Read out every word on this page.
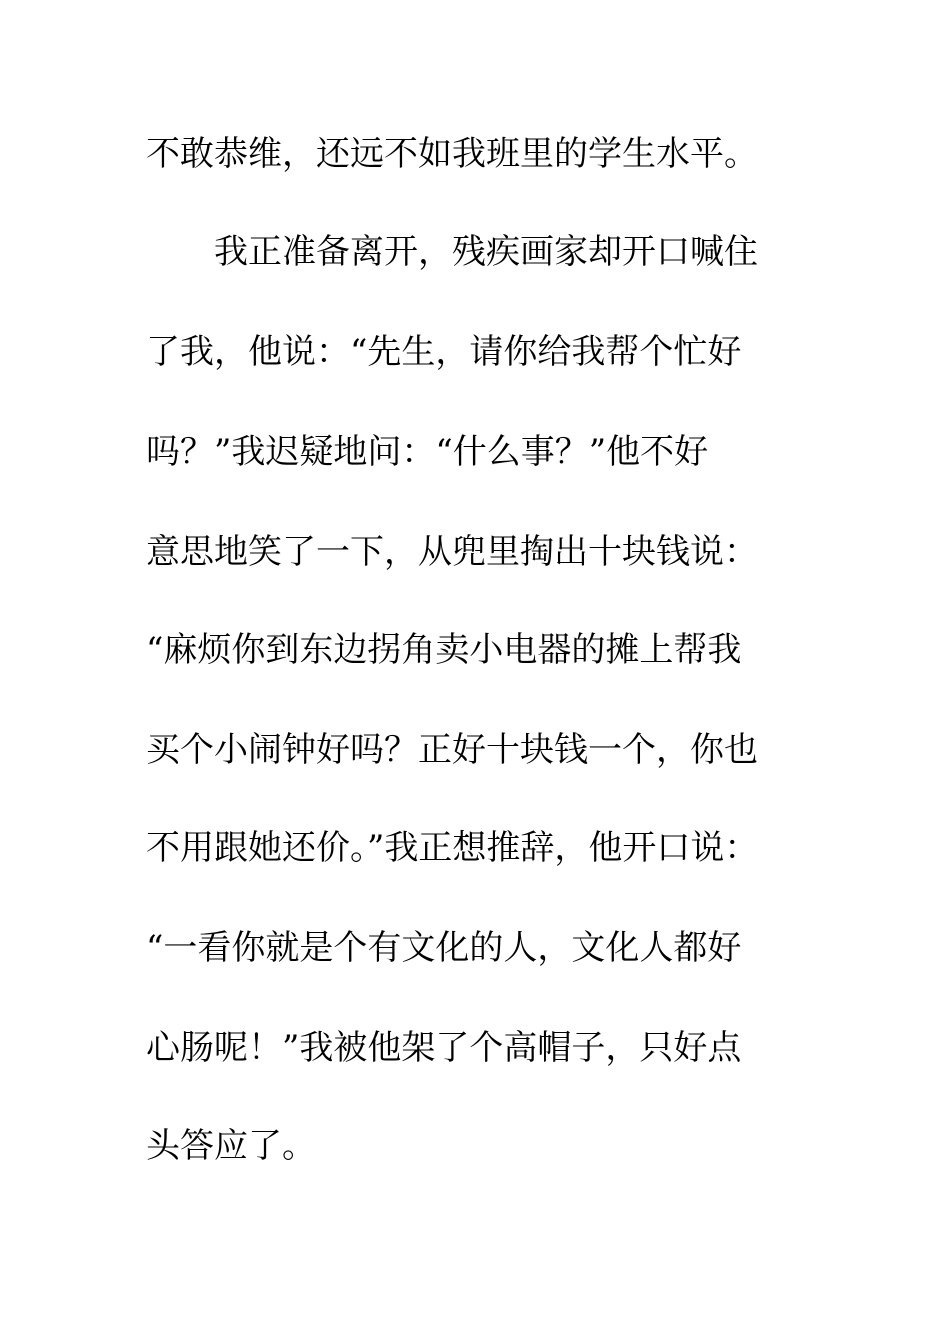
不敢恭维，还远不如我班里的学生水平。

我正准备离开，残疾画家却开口喊住

了我，他说：“先生，请你给我帮个忙好

吗？”我迟疑地问：“什么事？”他不好

意思地笑了一下，从兜里掏出十块钱说：

“麻烦你到东边拐角卖小电器的摊上帮我

买个小闹钟好吗？正好十块钱一个，你也

不用跟她还价。”我正想推辞，他开口说：

“一看你就是个有文化的人，文化人都好

心肠呢！”我被他架了个高帽子，只好点

头答应了。
